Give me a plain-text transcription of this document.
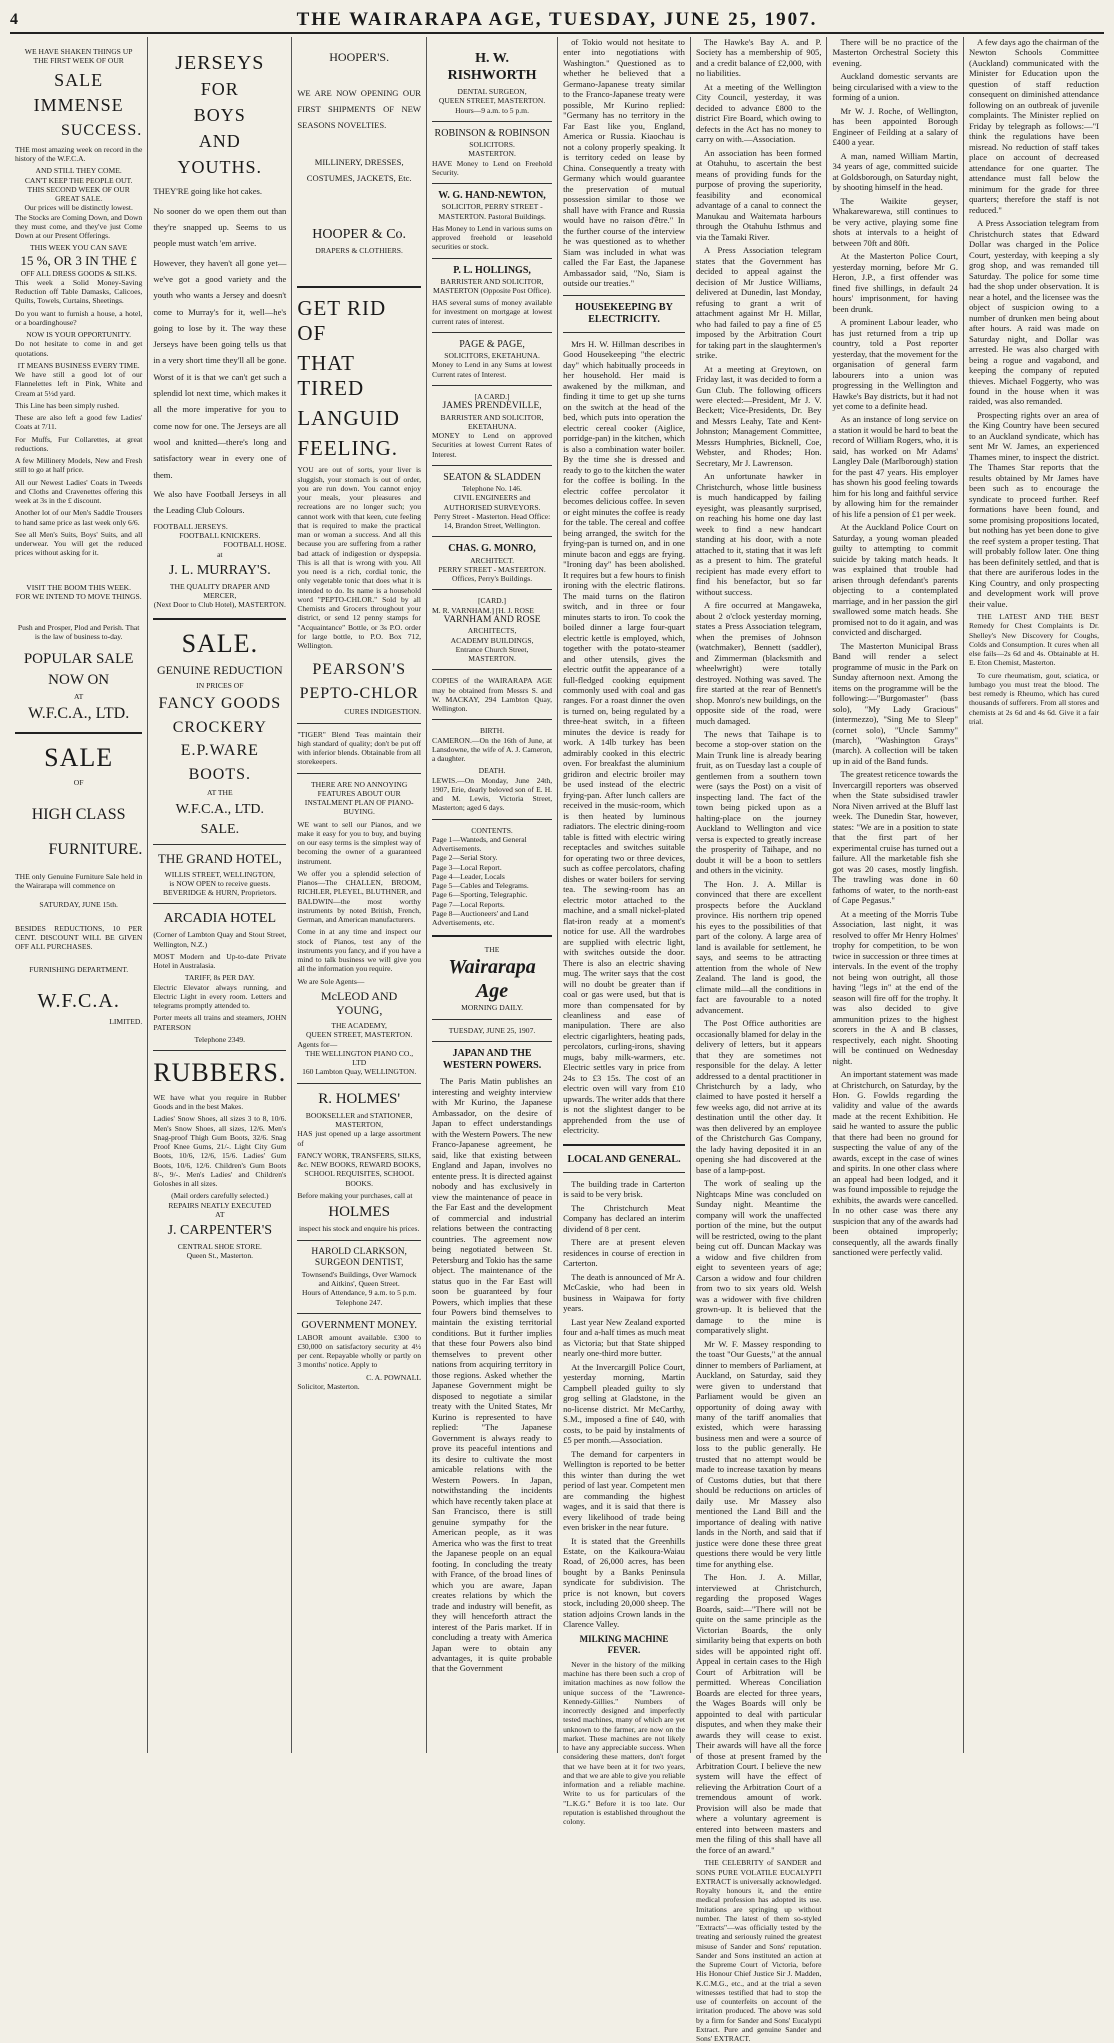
4	THE WAIRARAPA AGE, TUESDAY, JUNE 25, 1907.
WE HAVE SHAKEN THINGS UP
THE FIRST WEEK OF OUR
SALE
IMMENSE
SUCCESS.

THE most amazing week on record in the history of the W.F.C.A.

AND STILL THEY COME.
CAN'T KEEP THE PEOPLE OUT.
THIS SECOND WEEK OF OUR GREAT SALE.
Our prices will be distinctly lowest.

The Stocks are Coming Down, and Down they must come, and they've just Come Down at our Present Offerings.

THIS WEEK YOU CAN SAVE
15 %, OR 3 IN THE £
OFF ALL DRESS GOODS & SILKS.

This week a Solid Money-Saving Reduction off Table Damasks, Calicoes, Quilts, Towels, Curtains, Sheetings.

Do you want to furnish a house, a hotel, or a boardinghouse?

NOW IS YOUR OPPORTUNITY.

Do not hesitate to come in and get quotations.

IT MEANS BUSINESS EVERY TIME.

We have still a good lot of our Flannelettes left in Pink, White and Cream at 5½d yard.

This Line has been simply rushed.

These are also left a good few Ladies' Coats at 7/11.

For Muffs, Fur Collarettes, at great reductions.

A few Millinery Models, New and Fresh still to go at half price.

All our Newest Ladies' Coats in Tweeds and Cloths and Cravenettes offering this week at 3s in the £ discount.

Another lot of our Men's Saddle Trousers to hand same price as last week only 6/6.

See all Men's Suits, Boys' Suits, and all underwear. You will get the reduced prices without asking for it.

VISIT THE BOOM THIS WEEK.
FOR WE INTEND TO MOVE THINGS.

Push and Prosper, Plod and Perish. That is the law of business to-day.

POPULAR SALE
NOW ON
AT
W.F.C.A., LTD.
SALE
OF
HIGH CLASS
FURNITURE.

THE only Genuine Furniture Sale held in the Wairarapa will commence on

SATURDAY, JUNE 15th.

BESIDES REDUCTIONS, 10 PER CENT. DISCOUNT WILL BE GIVEN OFF ALL PURCHASES.

FURNISHING DEPARTMENT.
W.F.C.A.
LIMITED.
JERSEYS
FOR
BOYS
AND
YOUTHS.

THEY'RE going like hot cakes.

No sooner do we open them out than they're snapped up. Seems to us people must watch 'em arrive.

However, they haven't all gone yet—we've got a good variety and the youth who wants a Jersey and doesn't come to Murray's for it, well—he's going to lose by it. The way these Jerseys have been going tells us that in a very short time they'll all be gone. Worst of it is that we can't get such a splendid lot next time, which makes it all the more imperative for you to come now for one. The Jerseys are all wool and knitted—there's long and satisfactory wear in every one of them.

We also have Football Jerseys in all the Leading Club Colours.

FOOTBALL JERSEYS.
FOOTBALL KNICKERS.
FOOTBALL HOSE.
at
J. L. MURRAY'S.
THE QUALITY DRAPER AND MERCER,
(Next Door to Club Hotel), MASTERTON.
SALE.
GENUINE REDUCTION
IN PRICES OF
FANCY GOODS
CROCKERY
E.P.WARE
BOOTS.
AT THE
W.F.C.A., LTD.
SALE.
THE GRAND HOTEL,
WILLIS STREET, WELLINGTON,
is NOW OPEN to receive guests.
BEVERIDGE & HURN, Proprietors.
ARCADIA HOTEL

(Corner of Lambton Quay and Stout Street, Wellington, N.Z.)

MOST Modern and Up-to-date Private Hotel in Australasia.

TARIFF, 8s PER DAY.

Electric Elevator always running, and Electric Light in every room. Letters and telegrams promptly attended to.

Porter meets all trains and steamers, JOHN PATERSON

Telephone 2349.
RUBBERS.

WE have what you require in Rubber Goods and in the best Makes.

Ladies' Snow Shoes, all sizes 3 to 8, 10/6. Men's Snow Shoes, all sizes, 12/6. Men's Snag-proof Thigh Gum Boots, 32/6. Snag Proof Knee Gums, 21/-. Light City Gum Boots, 10/6, 12/6, 15/6. Ladies' Gum Boots, 10/6, 12/6. Children's Gum Boots 8/-, 9/-. Men's Ladies' and Children's Goloshes in all sizes.

(Mail orders carefully selected.)
REPAIRS NEATLY EXECUTED
AT
J. CARPENTER'S
CENTRAL SHOE STORE.
Queen St., Masterton.
HOOPER'S.

WE ARE NOW OPENING OUR FIRST SHIPMENTS OF NEW SEASONS NOVELTIES.

MILLINERY, DRESSES, COSTUMES, JACKETS, Etc.

HOOPER & Co.
DRAPERS & CLOTHIERS.
GET RID OF
THAT TIRED
LANGUID
FEELING.

YOU are out of sorts, your liver is sluggish, your stomach is out of order, you are run down. You cannot enjoy your meals, your pleasures and recreations are no longer such; you cannot work with that keen, cute feeling that is required to make the practical man or woman a success. And all this because you are suffering from a rather bad attack of indigestion or dyspepsia. This is all that is wrong with you. All you need is a rich, cordial tonic, the only vegetable tonic that does what it is intended to do. Its name is a household word "PEPTO-CHLOR." Sold by all Chemists and Grocers throughout your district, or send 12 penny stamps for "Acquaintance" Bottle, or 3s P.O. order for large bottle, to P.O. Box 712, Wellington.

PEARSON'S
PEPTO-CHLOR
CURES INDIGESTION.

"TIGER" Blend Teas maintain their high standard of quality; don't be put off with inferior blends. Obtainable from all storekeepers.

THERE ARE NO ANNOYING FEATURES ABOUT OUR INSTALMENT PLAN OF PIANO-BUYING.

WE want to sell our Pianos, and we make it easy for you to buy, and buying on our easy terms is the simplest way of becoming the owner of a guaranteed instrument.

We offer you a splendid selection of Pianos—The CHALLEN, BROOM, RICHLER, PLEYEL, BLUTHNER, and BALDWIN—the most worthy instruments by noted British, French, German, and American manufacturers.

Come in at any time and inspect our stock of Pianos, test any of the instruments you fancy, and if you have a mind to talk business we will give you all the information you require.

We are Sole Agents—
McLEOD AND YOUNG,
THE ACADEMY,
QUEEN STREET, MASTERTON.
Agents for—
THE WELLINGTON PIANO CO., LTD
160 Lambton Quay, WELLINGTON.
R. HOLMES'
BOOKSELLER and STATIONER,
MASTERTON,

HAS just opened up a large assortment of

FANCY WORK, TRANSFERS, SILKS, &c. NEW BOOKS, REWARD BOOKS, SCHOOL REQUISITES, SCHOOL BOOKS.

Before making your purchases, call at

HOLMES
inspect his stock and enquire his prices.
HAROLD CLARKSON, SURGEON DENTIST,
Townsend's Buildings, Over Warnock and Aitkins', Queen Street.
Hours of Attendance, 9 a.m. to 5 p.m. Telephone 247.
GOVERNMENT MONEY.

LABOR amount available. £300 to £30,000 on satisfactory security at 4½ per cent. Repayable wholly or partly on 3 months' notice. Apply to

C. A. POWNALL
Solicitor, Masterton.
H. W. RISHWORTH
DENTAL SURGEON,
QUEEN STREET, MASTERTON.
Hours—9 a.m. to 5 p.m.
ROBINSON & ROBINSON
SOLICITORS.
MASTERTON.

HAVE Money to Lend on Freehold Security.

W. G. HAND-NEWTON,

SOLICITOR, PERRY STREET - MASTERTON. Pastoral Buildings.

Has Money to Lend in various sums on approved freehold or leasehold securities or stock.

P. L. HOLLINGS,

BARRISTER AND SOLICITOR, MASTERTON (Opposite Post Office).

HAS several sums of money available for investment on mortgage at lowest current rates of interest.

PAGE & PAGE,
SOLICITORS, EKETAHUNA.

Money to Lend in any Sums at lowest Current rates of Interest.

[A CARD.]
JAMES PRENDEVILLE,
BARRISTER AND SOLICITOR, EKETAHUNA.

MONEY to Lend on approved Securities at lowest Current Rates of Interest.

SEATON & SLADDEN
Telephone No. 146.
CIVIL ENGINEERS and AUTHORISED SURVEYORS.

Perry Street - Masterton. Head Office: 14, Brandon Street, Wellington.

CHAS. G. MONRO,
ARCHITECT.

PERRY STREET - MASTERTON. Offices, Perry's Buildings.

[CARD.]
M. R. VARNHAM.] [H. J. ROSE
VARNHAM AND ROSE
ARCHITECTS,
ACADEMY BUILDINGS,
Entrance Church Street, MASTERTON.

COPIES of the WAIRARAPA AGE may be obtained from Messrs S. and W. MACKAY, 294 Lambton Quay, Wellington.

BIRTH.

CAMERON.—On the 16th of June, at Lansdowne, the wife of A. J. Cameron, a daughter.

DEATH.

LEWIS.—On Monday, June 24th, 1907, Erie, dearly beloved son of E. H. and M. Lewis, Victoria Street, Masterton; aged 6 days.

CONTENTS.

Page 1—Wanteds, and General Advertisements.

Page 2—Serial Story.

Page 3—Local Report.

Page 4—Leader, Locals

Page 5—Cables and Telegrams.

Page 6—Sporting, Telegraphic.

Page 7—Local Reports.

Page 8—Auctioneers' and Land Advertisements, etc.

THE
Wairarapa Age
MORNING DAILY.
TUESDAY, JUNE 25, 1907.
JAPAN AND THE WESTERN POWERS.

The Paris Matin publishes an interesting and weighty interview with Mr Kurino, the Japanese Ambassador, on the desire of Japan to effect understandings with the Western Powers. The new Franco-Japanese agreement, he said, like that existing between England and Japan, involves no entente press. It is directed against nobody and has exclusively in view the maintenance of peace in the Far East and the development of commercial and industrial relations between the contracting countries. The agreement now being negotiated between St. Petersburg and Tokio has the same object. The maintenance of the status quo in the Far East will soon be guaranteed by four Powers, which implies that these four Powers bind themselves to maintain the existing territorial conditions. But it further implies that these four Powers also bind themselves to prevent other nations from acquiring territory in those regions. Asked whether the Japanese Government might be disposed to negotiate a similar treaty with the United States, Mr Kurino is represented to have replied: "The Japanese Government is always ready to prove its peaceful intentions and its desire to cultivate the most amicable relations with the Western Powers. In Japan, notwithstanding the incidents which have recently taken place at San Francisco, there is still genuine sympathy for the American people, as it was America who was the first to treat the Japanese people on an equal footing. In concluding the treaty with France, of the broad lines of which you are aware, Japan creates relations by which the trade and industry will benefit, as they will henceforth attract the interest of the Paris market. If in concluding a treaty with America Japan were to obtain any advantages, it is quite probable that the Government

of Tokio would not hesitate to enter into negotiations with Washington." Questioned as to whether he believed that a Germano-Japanese treaty similar to the Franco-Japanese treaty were possible, Mr Kurino replied: "Germany has no territory in the Far East like you, England, America or Russia. Kiaochau is not a colony properly speaking. It is territory ceded on lease by China. Consequently a treaty with Germany which would guarantee the preservation of mutual possession similar to those we shall have with France and Russia would have no raison d'être." In the further course of the interview he was questioned as to whether Siam was included in what was called the Far East, the Japanese Ambassador said, "No, Siam is outside our treaties."

HOUSEKEEPING BY ELECTRICITY.

Mrs H. W. Hillman describes in Good Housekeeping "the electric day" which habitually proceeds in her household. Her maid is awakened by the milkman, and finding it time to get up she turns on the switch at the head of the bed, which puts into operation the electric cereal cooker (Aiglice, porridge-pan) in the kitchen, which is also a combination water boiler. By the time she is dressed and ready to go to the kitchen the water for the coffee is boiling. In the electric coffee percolator it becomes delicious coffee. In seven or eight minutes the coffee is ready for the table. The cereal and coffee being arranged, the switch for the frying-pan is turned on, and in one minute bacon and eggs are frying. "Ironing day" has been abolished. It requires but a few hours to finish ironing with the electric flatirons. The maid turns on the flatiron switch, and in three or four minutes starts to iron. To cook the boiled dinner a large four-quart electric kettle is employed, which, together with the potato-steamer and other utensils, gives the electric outfit the appearance of a full-fledged cooking equipment commonly used with coal and gas ranges. For a roast dinner the oven is turned on, being regulated by a three-heat switch, in a fifteen minutes the device is ready for work. A 14lb turkey has been admirably cooked in this electric oven. For breakfast the aluminium gridiron and electric broiler may be used instead of the electric frying-pan. After lunch callers are received in the music-room, which is then heated by luminous radiators. The electric dining-room table is fitted with electric wiring receptacles and switches suitable for operating two or three devices, such as coffee percolators, chafing dishes or water boilers for serving tea. The sewing-room has an electric motor attached to the machine, and a small nickel-plated flat-iron ready at a moment's notice for use. All the wardrobes are supplied with electric light, with switches outside the door. There is also an electric shaving mug. The writer says that the cost will no doubt be greater than if coal or gas were used, but that is more than compensated for by cleanliness and ease of manipulation. There are also electric cigarlighters, heating pads, percolators, curling-irons, shaving mugs, baby milk-warmers, etc. Electric settles vary in price from 24s to £3 15s. The cost of an electric oven will vary from £10 upwards. The writer adds that there is not the slightest danger to be apprehended from the use of electricity.

LOCAL AND GENERAL.

The building trade in Carterton is said to be very brisk.

The Christchurch Meat Company has declared an interim dividend of 8 per cent.

There are at present eleven residences in course of erection in Carterton.

The death is announced of Mr A. McCaskie, who had been in business in Waipawa for forty years.

Last year New Zealand exported four and a-half times as much meat as Victoria; but that State shipped nearly one-third more butter.

At the Invercargill Police Court, yesterday morning, Martin Campbell pleaded guilty to sly grog selling at Gladstone, in the no-license district. Mr McCarthy, S.M., imposed a fine of £40, with costs, to be paid by instalments of £5 per month.—Association.

The demand for carpenters in Wellington is reported to be better this winter than during the wet period of last year. Competent men are commanding the highest wages, and it is said that there is every likelihood of trade being even brisker in the near future.

It is stated that the Greenhills Estate, on the Kaikoura-Waiau Road, of 26,000 acres, has been bought by a Banks Peninsula syndicate for subdivision. The price is not known, but covers stock, including 20,000 sheep. The station adjoins Crown lands in the Clarence Valley.

MILKING MACHINE FEVER.

Never in the history of the milking machine has there been such a crop of imitation machines as now follow the unique success of the "Lawrence-Kennedy-Gillies." Numbers of incorrectly designed and imperfectly tested machines, many of which are yet unknown to the farmer, are now on the market. These machines are not likely to have any appreciable success. When considering these matters, don't forget that we have been at it for two years, and that we are able to give you reliable information and a reliable machine. Write to us for particulars of the "L.K.G." Before it is too late. Our reputation is established throughout the colony.

The Hawke's Bay A. and P. Society has a membership of 905, and a credit balance of £2,000, with no liabilities.

At a meeting of the Wellington City Council, yesterday, it was decided to advance £800 to the district Fire Board, which owing to defects in the Act has no money to carry on with.—Association.

An association has been formed at Otahuhu, to ascertain the best means of providing funds for the purpose of proving the superiority, feasibility and economical advantage of a canal to connect the Manukau and Waitemata harbours through the Otahuhu Isthmus and via the Tamaki River.

A Press Association telegram states that the Government has decided to appeal against the decision of Mr Justice Williams, delivered at Dunedin, last Monday, refusing to grant a writ of attachment against Mr H. Millar, who had failed to pay a fine of £5 imposed by the Arbitration Court for taking part in the slaughtermen's strike.

At a meeting at Greytown, on Friday last, it was decided to form a Gun Club. The following officers were elected:—President, Mr J. V. Beckett; Vice-Presidents, Dr. Bey and Messrs Leahy, Tate and Kent-Johnston; Management Committee, Messrs Humphries, Bicknell, Coe, Webster, and Rhodes; Hon. Secretary, Mr J. Lawrenson.

An unfortunate hawker in Christchurch, whose little business is much handicapped by failing eyesight, was pleasantly surprised, on reaching his home one day last week to find a new handcart standing at his door, with a note attached to it, stating that it was left as a present to him. The grateful recipient has made every effort to find his benefactor, but so far without success.

A fire occurred at Mangaweka, about 2 o'clock yesterday morning, states a Press Association telegram, when the premises of Johnson (watchmaker), Bennett (saddler), and Zimmerman (blacksmith and wheelwright) were totally destroyed. Nothing was saved. The fire started at the rear of Bennett's shop. Monro's new buildings, on the opposite side of the road, were much damaged.

The news that Taihape is to become a stop-over station on the Main Trunk line is already bearing fruit, as on Tuesday last a couple of gentlemen from a southern town were (says the Post) on a visit of inspecting land. The fact of the town being picked upon as a halting-place on the journey Auckland to Wellington and vice versa is expected to greatly increase the prosperity of Taihape, and no doubt it will be a boon to settlers and others in the vicinity.

The Hon. J. A. Millar is convinced that there are excellent prospects before the Auckland province. His northern trip opened his eyes to the possibilities of that part of the colony. A large area of land is available for settlement, he says, and seems to be attracting attention from the whole of New Zealand. The land is good, the climate mild—all the conditions in fact are favourable to a noted advancement.

The Post Office authorities are occasionally blamed for delay in the delivery of letters, but it appears that they are sometimes not responsible for the delay. A letter addressed to a dental practitioner in Christchurch by a lady, who claimed to have posted it herself a few weeks ago, did not arrive at its destination until the other day. It was then delivered by an employee of the Christchurch Gas Company, the lady having deposited it in an opening she had discovered at the base of a lamp-post.

The work of sealing up the Nightcaps Mine was concluded on Sunday night. Meantime the company will work the unaffected portion of the mine, but the output will be restricted, owing to the plant being cut off. Duncan Mackay was a widow and five children from eight to seventeen years of age; Carson a widow and four children from two to six years old. Welsh was a widower with five children grown-up. It is believed that the damage to the mine is comparatively slight.

Mr W. F. Massey responding to the toast "Our Guests," at the annual dinner to members of Parliament, at Auckland, on Saturday, said they were given to understand that Parliament would be given an opportunity of doing away with many of the tariff anomalies that existed, which were harassing business men and were a source of loss to the public generally. He trusted that no attempt would be made to increase taxation by means of Customs duties, but that there should be reductions on articles of daily use. Mr Massey also mentioned the Land Bill and the importance of dealing with native lands in the North, and said that if justice were done these three great questions there would be very little time for anything else.

The Hon. J. A. Millar, interviewed at Christchurch, regarding the proposed Wages Boards, said:—"There will not be quite on the same principle as the Victorian Boards, the only similarity being that experts on both sides will be appointed right off. Appeal in certain cases to the High Court of Arbitration will be permitted. Whereas Conciliation Boards are elected for three years, the Wages Boards will only be appointed to deal with particular disputes, and when they make their awards they will cease to exist. Their awards will have all the force of those at present framed by the Arbitration Court. I believe the new system will have the effect of relieving the Arbitration Court of a tremendous amount of work. Provision will also be made that where a voluntary agreement is entered into between masters and men the filing of this shall have all the force of an award."

THE CELEBRITY of SANDER and SONS PURE VOLATILE EUCALYPTI EXTRACT is universally acknowledged. Royalty honours it, and the entire medical profession has adopted its use. Imitations are springing up without number. The latest of them so-styled "Extracts"—was officially tested by the treating and seriously ruined the greatest misuse of Sander and Sons' reputation. Sander and Sons instituted an action at the Supreme Court of Victoria, before His Honour Chief Justice Sir J. Madden, K.C.M.G., etc., and at the trial a seven witnesses testified that had to stop the use of counterfeits on account of the irritation produced. The above was sold by a firm for Sander and Sons' Eucalypti Extract. Pure and genuine Sander and Sons' EXTRACT.

There will be no practice of the Masterton Orchestral Society this evening.

Auckland domestic servants are being circularised with a view to the forming of a union.

Mr W. J. Roche, of Wellington, has been appointed Borough Engineer of Feilding at a salary of £400 a year.

A man, named William Martin, 34 years of age, committed suicide at Goldsborough, on Saturday night, by shooting himself in the head.

The Waikite geyser, Whakarewarewa, still continues to be very active, playing some fine shots at intervals to a height of between 70ft and 80ft.

At the Masterton Police Court, yesterday morning, before Mr G. Heron, J.P., a first offender was fined five shillings, in default 24 hours' imprisonment, for having been drunk.

A prominent Labour leader, who has just returned from a trip up country, told a Post reporter yesterday, that the movement for the organisation of general farm labourers into a union was progressing in the Wellington and Hawke's Bay districts, but it had not yet come to a definite head.

As an instance of long service on a station it would be hard to beat the record of William Rogers, who, it is said, has worked on Mr Adams' Langley Dale (Marlborough) station for the past 47 years. His employer has shown his good feeling towards him for his long and faithful service by allowing him for the remainder of his life a pension of £1 per week.

At the Auckland Police Court on Saturday, a young woman pleaded guilty to attempting to commit suicide by taking match heads. It was explained that trouble had arisen through defendant's parents objecting to a contemplated marriage, and in her passion the girl swallowed some match heads. She promised not to do it again, and was convicted and discharged.

The Masterton Municipal Brass Band will render a select programme of music in the Park on Sunday afternoon next. Among the items on the programme will be the following:—"Burgomaster" (bass solo), "My Lady Gracious" (intermezzo), "Sing Me to Sleep" (cornet solo), "Uncle Sammy" (march), "Washington Grays" (march). A collection will be taken up in aid of the Band funds.

The greatest reticence towards the Invercargill reporters was observed when the State subsidised trawler Nora Niven arrived at the Bluff last week. The Dunedin Star, however, states: "We are in a position to state that the first part of her experimental cruise has turned out a failure. All the marketable fish she got was 20 cases, mostly lingfish. The trawling was done in 60 fathoms of water, to the north-east of Cape Pegasus."

At a meeting of the Morris Tube Association, last night, it was resolved to offer Mr Henry Holmes' trophy for competition, to be won twice in succession or three times at intervals. In the event of the trophy not being won outright, all those having "legs in" at the end of the season will fire off for the trophy. It was also decided to give ammunition prizes to the highest scorers in the A and B classes, respectively, each night. Shooting will be continued on Wednesday night.

An important statement was made at Christchurch, on Saturday, by the Hon. G. Fowlds regarding the validity and value of the awards made at the recent Exhibition. He said he wanted to assure the public that there had been no ground for suspecting the value of any of the awards, except in the case of wines and spirits. In one other class where an appeal had been lodged, and it was found impossible to rejudge the exhibits, the awards were cancelled. In no other case was there any suspicion that any of the awards had been obtained improperly; consequently, all the awards finally sanctioned were perfectly valid.

A few days ago the chairman of the Newton Schools Committee (Auckland) communicated with the Minister for Education upon the question of staff reduction consequent on diminished attendance following on an outbreak of juvenile complaints. The Minister replied on Friday by telegraph as follows:—"I think the regulations have been misread. No reduction of staff takes place on account of decreased attendance for one quarter. The attendance must fall below the minimum for the grade for three quarters; therefore the staff is not reduced."

A Press Association telegram from Christchurch states that Edward Dollar was charged in the Police Court, yesterday, with keeping a sly grog shop, and was remanded till Saturday. The police for some time had the shop under observation. It is near a hotel, and the licensee was the object of suspicion owing to a number of drunken men being about after hours. A raid was made on Saturday night, and Dollar was arrested. He was also charged with being a rogue and vagabond, and keeping the company of reputed thieves. Michael Foggerty, who was found in the house when it was raided, was also remanded.

Prospecting rights over an area of the King Country have been secured to an Auckland syndicate, which has sent Mr W. James, an experienced Thames miner, to inspect the district. The Thames Star reports that the results obtained by Mr James have been such as to encourage the syndicate to proceed further. Reef formations have been found, and some promising propositions located, but nothing has yet been done to give the reef system a proper testing. That will probably follow later. One thing has been definitely settled, and that is that there are auriferous lodes in the King Country, and only prospecting and development work will prove their value.

THE LATEST AND THE BEST Remedy for Chest Complaints is Dr. Shelley's New Discovery for Coughs, Colds and Consumption. It cures when all else fails—2s 6d and 4s. Obtainable at H. E. Eton Chemist, Masterton.

To cure rheumatism, gout, sciatica, or lumbago you must treat the blood. The best remedy is Rheumo, which has cured thousands of sufferers. From all stores and chemists at 2s 6d and 4s 6d. Give it a fair trial.
